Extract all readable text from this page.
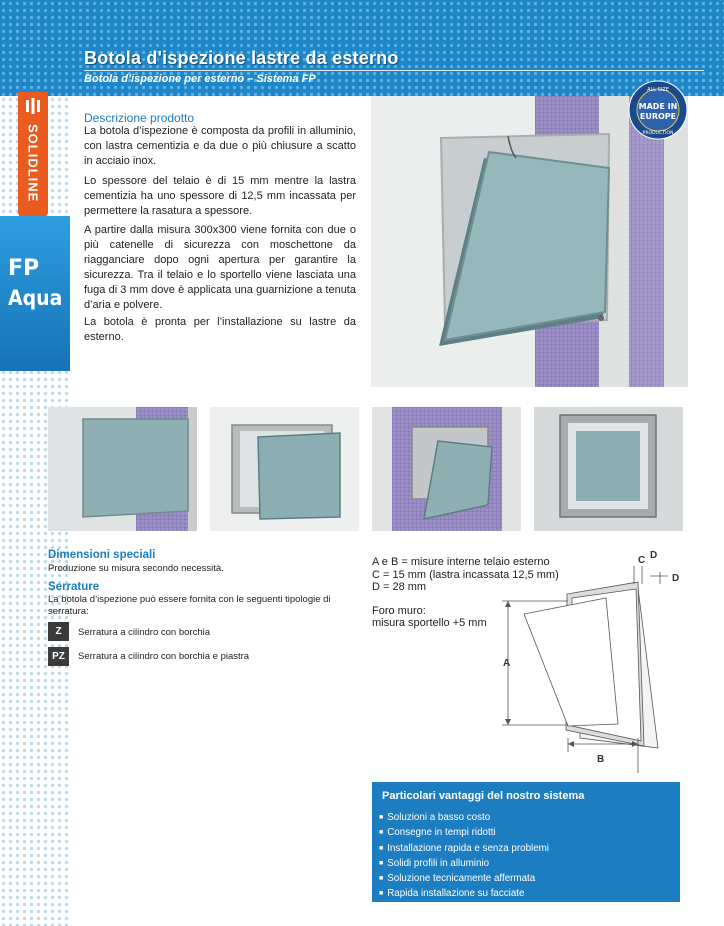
Botola d'ispezione lastre da esterno
Botola d’ispezione per esterno – Sistema FP
SOLIDLINE
FP
Aqua
Descrizione prodotto
La botola d’ispezione è composta da profili in alluminio, con lastra cementizia e da due o più chiusure a scatto in acciaio inox.
Lo spessore del telaio è di 15 mm mentre la lastra cementizia ha uno spessore di 12,5 mm incassata per permettere la rasatura a spessore.
A partire dalla misura 300x300 viene fornita con due o più catenelle di sicurezza con moschettone da riagganciare dopo ogni apertura per garantire la sicurezza. Tra il telaio e lo sportello viene lasciata una fuga di 3 mm dove è applicata una guarnizione a tenuta d’aria e polvere.
La botola è pronta per l’installazione su lastre da esterno.
ALL SIZE
MADE IN
EUROPE
PRODUCTION
Dimensioni speciali
Produzione su misura secondo necessità.
Serrature
La botola d’ispezione può essere fornita con le seguenti tipologie di serratura:
Z	Serratura a cilindro con borchia
PZ	Serratura a cilindro con borchia e piastra
A e B = misure interne telaio esterno
C = 15 mm (lastra incassata 12,5 mm)
D = 28 mm
Foro muro:
misura sportello +5 mm
A
B
C D
D
Particolari vantaggi del nostro sistema
■ Soluzioni a basso costo
■ Consegne in tempi ridotti
■ Installazione rapida e senza problemi
■ Solidi profili in alluminio
■ Soluzione tecnicamente affermata
■ Rapida installazione su facciate
